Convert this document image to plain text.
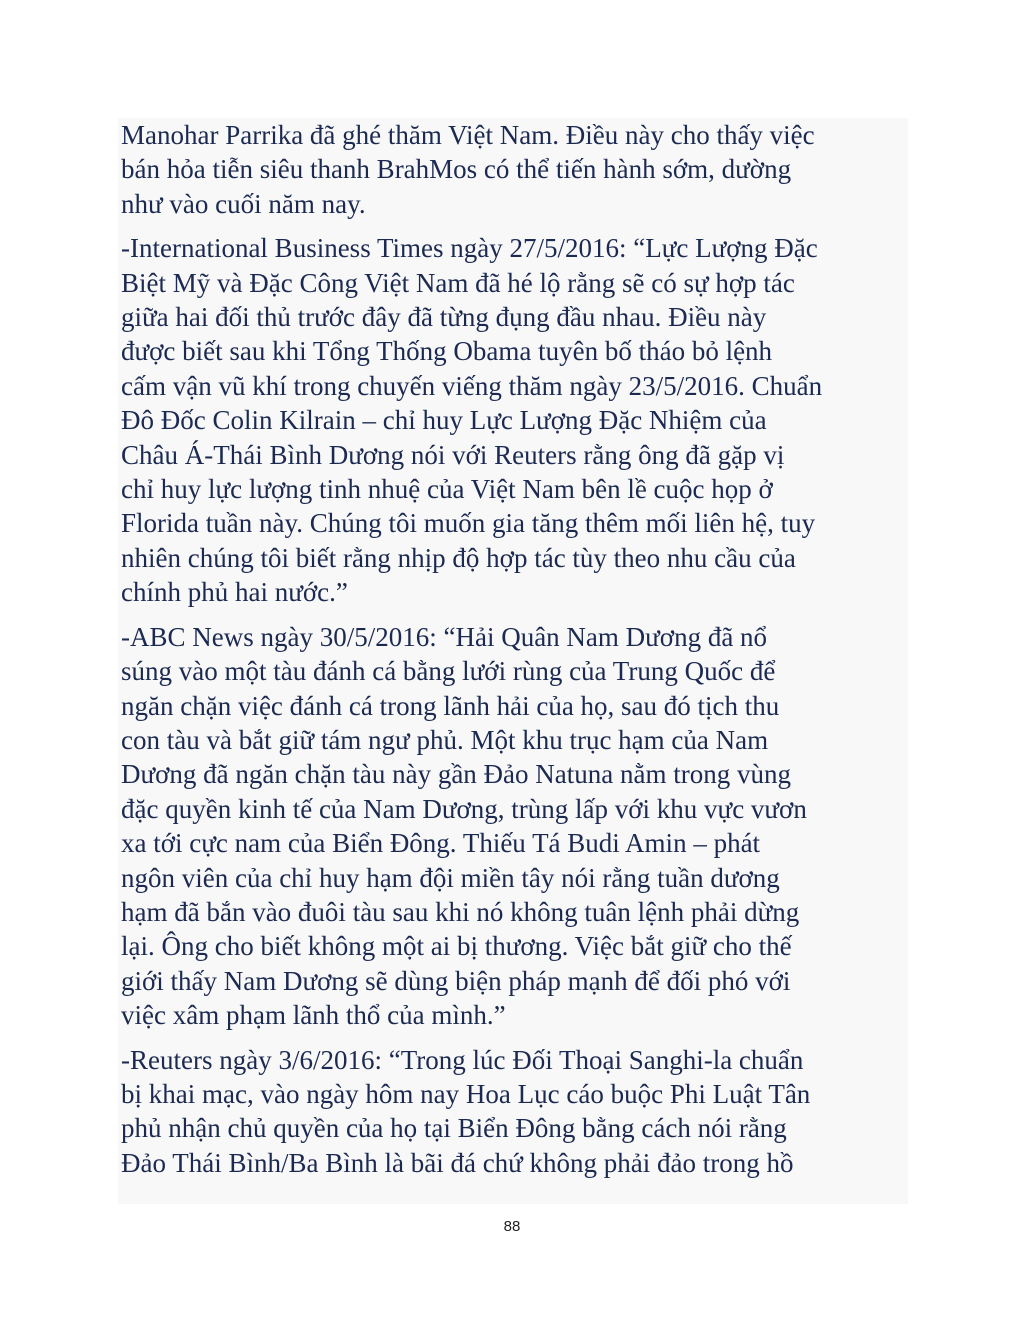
Manohar Parrika đã ghé thăm Việt Nam. Điều này cho thấy việc
bán hỏa tiễn siêu thanh BrahMos có thể tiến hành sớm, dường
như vào cuối năm nay.

-International Business Times ngày 27/5/2016: “Lực Lượng Đặc
Biệt Mỹ và Đặc Công Việt Nam đã hé lộ rằng sẽ có sự hợp tác
giữa hai đối thủ trước đây đã từng đụng đầu nhau. Điều này
được biết sau khi Tổng Thống Obama tuyên bố tháo bỏ lệnh
cấm vận vũ khí trong chuyến viếng thăm ngày 23/5/2016. Chuẩn
Đô Đốc Colin Kilrain – chỉ huy Lực Lượng Đặc Nhiệm của
Châu Á-Thái Bình Dương nói với Reuters rằng ông đã gặp vị
chỉ huy lực lượng tinh nhuệ của Việt Nam bên lề cuộc họp ở
Florida tuần này. Chúng tôi muốn gia tăng thêm mối liên hệ, tuy
nhiên chúng tôi biết rằng nhịp độ hợp tác tùy theo nhu cầu của
chính phủ hai nước.”

-ABC News ngày 30/5/2016: “Hải Quân Nam Dương đã nổ
súng vào một tàu đánh cá bằng lưới rùng của Trung Quốc để
ngăn chặn việc đánh cá trong lãnh hải của họ, sau đó tịch thu
con tàu và bắt giữ tám ngư phủ. Một khu trục hạm của Nam
Dương đã ngăn chặn tàu này gần Đảo Natuna nằm trong vùng
đặc quyền kinh tế của Nam Dương, trùng lấp với khu vực vươn
xa tới cực nam của Biển Đông. Thiếu Tá Budi Amin – phát
ngôn viên của chỉ huy hạm đội miền tây nói rằng tuần dương
hạm đã bắn vào đuôi tàu sau khi nó không tuân lệnh phải dừng
lại. Ông cho biết không một ai bị thương. Việc bắt giữ cho thế
giới thấy Nam Dương sẽ dùng biện pháp mạnh để đối phó với
việc xâm phạm lãnh thổ của mình.”

-Reuters ngày 3/6/2016: “Trong lúc Đối Thoại Sanghi-la chuẩn
bị khai mạc, vào ngày hôm nay Hoa Lục cáo buộc Phi Luật Tân
phủ nhận chủ quyền của họ tại Biển Đông bằng cách nói rằng
Đảo Thái Bình/Ba Bình là bãi đá chứ không phải đảo trong hồ

88
